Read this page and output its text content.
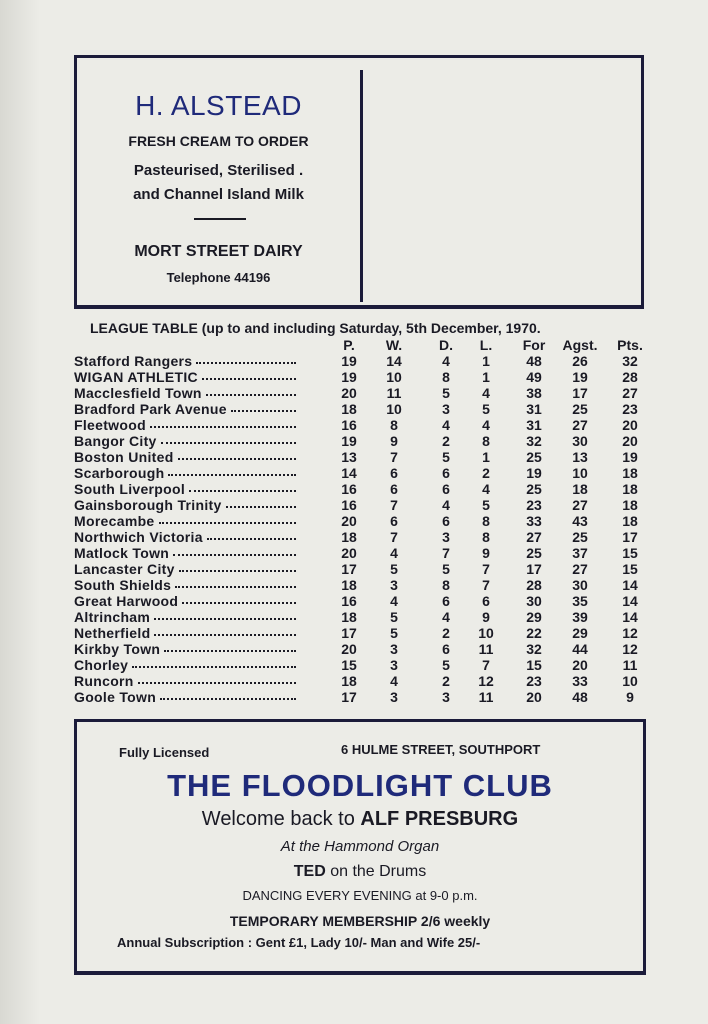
H. ALSTEAD
FRESH CREAM TO ORDER
Pasteurised, Sterilised .
and Channel Island Milk
MORT STREET DAIRY
Telephone 44196
LEAGUE TABLE (up to and including Saturday, 5th December, 1970.
P.	W.	D.	L.	For	Agst.	Pts.
Stafford Rangers	19	14	4	1	48	26	32
WIGAN ATHLETIC	19	10	8	1	49	19	28
Macclesfield Town	20	11	5	4	38	17	27
Bradford Park Avenue	18	10	3	5	31	25	23
Fleetwood	16	8	4	4	31	27	20
Bangor City	19	9	2	8	32	30	20
Boston United	13	7	5	1	25	13	19
Scarborough	14	6	6	2	19	10	18
South Liverpool	16	6	6	4	25	18	18
Gainsborough Trinity	16	7	4	5	23	27	18
Morecambe	20	6	6	8	33	43	18
Northwich Victoria	18	7	3	8	27	25	17
Matlock Town	20	4	7	9	25	37	15
Lancaster City	17	5	5	7	17	27	15
South Shields	18	3	8	7	28	30	14
Great Harwood	16	4	6	6	30	35	14
Altrincham	18	5	4	9	29	39	14
Netherfield	17	5	2	10	22	29	12
Kirkby Town	20	3	6	11	32	44	12
Chorley	15	3	5	7	15	20	11
Runcorn	18	4	2	12	23	33	10
Goole Town	17	3	3	11	20	48	9
Fully Licensed	6 HULME STREET, SOUTHPORT
THE FLOODLIGHT CLUB
Welcome back to ALF PRESBURG
At the Hammond Organ
TED on the Drums
DANCING EVERY EVENING at 9-0 p.m.
TEMPORARY MEMBERSHIP 2/6 weekly
Annual Subscription : Gent £1, Lady 10/- Man and Wife 25/-
